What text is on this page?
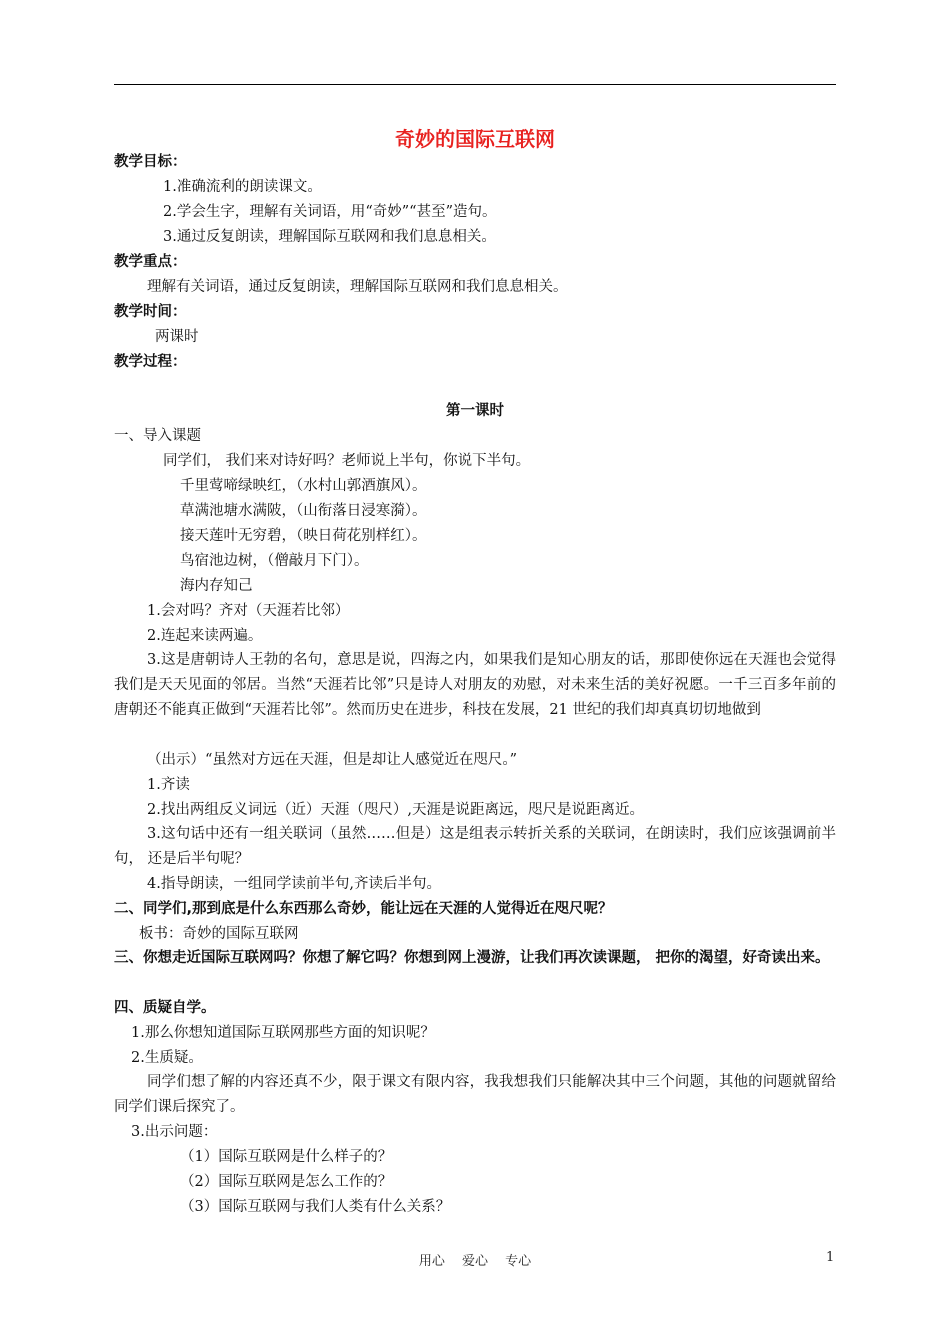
奇妙的国际互联网
教学目标：
1.准确流利的朗读课文。
2.学会生字，理解有关词语，用“奇妙”“甚至”造句。
3.通过反复朗读，理解国际互联网和我们息息相关。
教学重点：
理解有关词语，通过反复朗读，理解国际互联网和我们息息相关。
教学时间：
两课时
教学过程：
第一课时
一、导入课题
同学们， 我们来对诗好吗？老师说上半句，你说下半句。
千里莺啼绿映红，（水村山郭酒旗风）。
草满池塘水满陂，（山衔落日浸寒漪）。
接天莲叶无穷碧，（映日荷花别样红）。
鸟宿池边树，（僧敲月下门）。
海内存知己
1.会对吗？齐对（天涯若比邻）
2.连起来读两遍。
3.这是唐朝诗人王勃的名句，意思是说，四海之内，如果我们是知心朋友的话，那即使你远在天涯也会觉得我们是天天见面的邻居。当然“天涯若比邻”只是诗人对朋友的劝慰，对未来生活的美好祝愿。一千三百多年前的唐朝还不能真正做到“天涯若比邻”。然而历史在进步，科技在发展，21 世纪的我们却真真切切地做到
（出示）“虽然对方远在天涯，但是却让人感觉近在咫尺。”
1.齐读
2.找出两组反义词远（近）天涯（咫尺）,天涯是说距离远，咫尺是说距离近。
3.这句话中还有一组关联词（虽然……但是）这是组表示转折关系的关联词，在朗读时，我们应该强调前半句， 还是后半句呢？
4.指导朗读，一组同学读前半句,齐读后半句。
二、同学们,那到底是什么东西那么奇妙，能让远在天涯的人觉得近在咫尺呢？
板书：奇妙的国际互联网
三、你想走近国际互联网吗？你想了解它吗？你想到网上漫游，让我们再次读课题， 把你的渴望，好奇读出来。
四、质疑自学。
1.那么你想知道国际互联网那些方面的知识呢？
2.生质疑。
同学们想了解的内容还真不少，限于课文有限内容，我我想我们只能解决其中三个问题，其他的问题就留给同学们课后探究了。
3.出示问题：
（1）国际互联网是什么样子的？
（2）国际互联网是怎么工作的？
（3）国际互联网与我们人类有什么关系？
用心　 爱心　 专心	1
